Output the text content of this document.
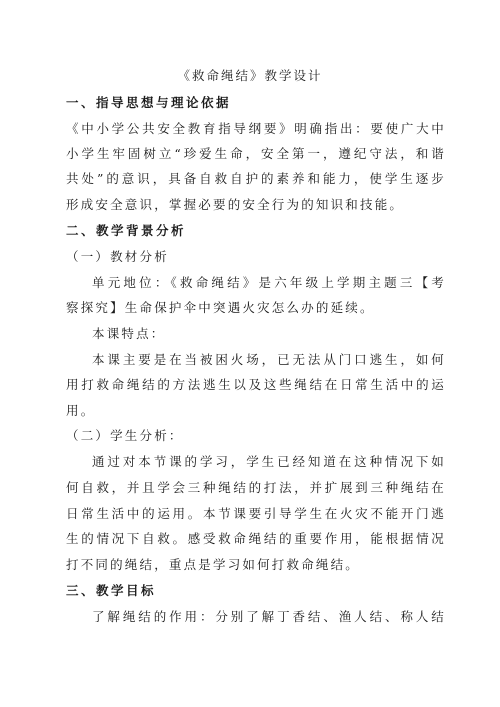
《救命绳结》教学设计
一、指导思想与理论依据
《中小学公共安全教育指导纲要》明确指出：要使广大中
小学生牢固树立“珍爱生命，安全第一，遵纪守法，和谐
共处”的意识，具备自救自护的素养和能力，使学生逐步
形成安全意识，掌握必要的安全行为的知识和技能。
二、教学背景分析
（一）教材分析
单元地位：《救命绳结》是六年级上学期主题三【考
察探究】生命保护伞中突遇火灾怎么办的延续。
本课特点：
本课主要是在当被困火场，已无法从门口逃生，如何
用打救命绳结的方法逃生以及这些绳结在日常生活中的运
用。
（二）学生分析：
通过对本节课的学习，学生已经知道在这种情况下如
何自救，并且学会三种绳结的打法，并扩展到三种绳结在
日常生活中的运用。本节课要引导学生在火灾不能开门逃
生的情况下自救。感受救命绳结的重要作用，能根据情况
打不同的绳结，重点是学习如何打救命绳结。
三、教学目标
了解绳结的作用：分别了解丁香结、渔人结、称人结
